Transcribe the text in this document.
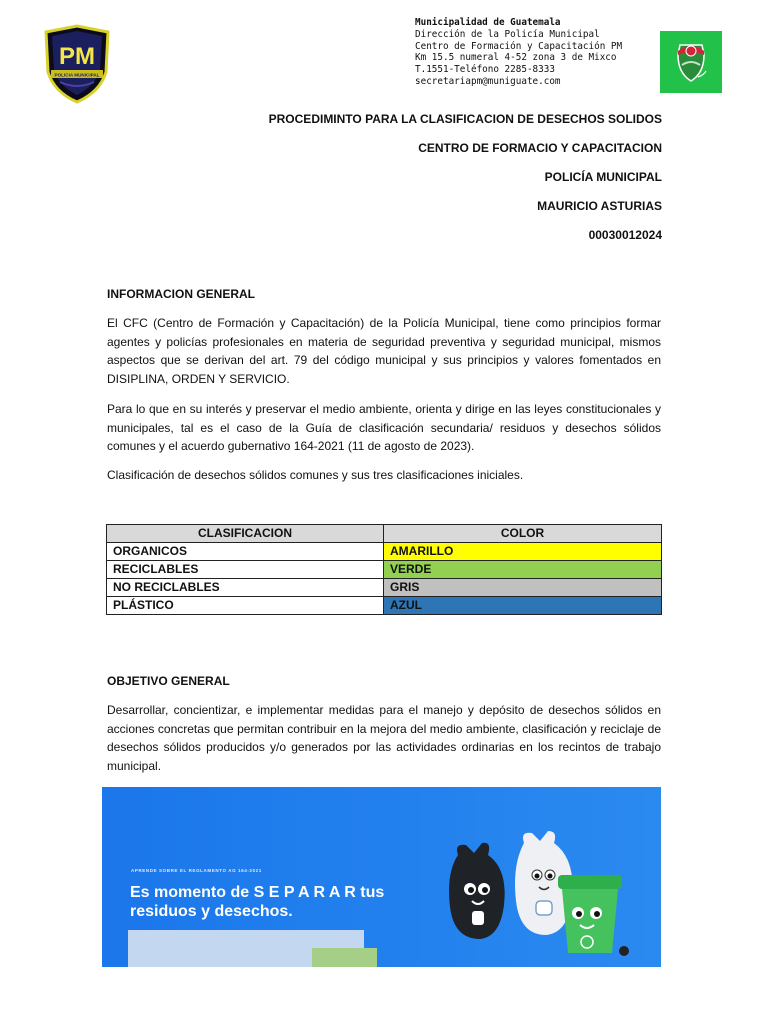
PM
POLICIA MUNICIPAL
Municipalidad de Guatemala
Dirección de la Policía Municipal
Centro de Formación y Capacitación PM
Km 15.5 numeral 4-52 zona 3 de Mixco
T.1551-Teléfono 2285-8333
secretariapm@muniguate.com
PROCEDIMINTO PARA LA CLASIFICACION DE DESECHOS SOLIDOS
CENTRO DE FORMACIO Y CAPACITACION
POLICÍA MUNICIPAL
MAURICIO ASTURIAS
00030012024
INFORMACION GENERAL
El CFC (Centro de Formación y Capacitación) de la Policía Municipal, tiene como principios formar agentes y policías profesionales en materia de seguridad preventiva y seguridad municipal, mismos aspectos que se derivan del art. 79 del código municipal y sus principios y valores fomentados en DISIPLINA, ORDEN Y SERVICIO.
Para lo que en su interés y preservar el medio ambiente, orienta y dirige en las leyes constitucionales y municipales, tal es el caso de la Guía de clasificación secundaria/ residuos y desechos sólidos comunes y el acuerdo gubernativo 164-2021 (11 de agosto de 2023).
Clasificación de desechos sólidos comunes y sus tres clasificaciones iniciales.
CLASIFICACION	COLOR
ORGANICOS	AMARILLO
RECICLABLES	VERDE
NO RECICLABLES	GRIS
PLÁSTICO	AZUL
OBJETIVO GENERAL
Desarrollar, concientizar, e implementar medidas para el manejo y depósito de desechos sólidos en acciones concretas que permitan contribuir en la mejora del medio ambiente, clasificación y reciclaje de desechos sólidos producidos y/o generados por las actividades ordinarias en los recintos de trabajo municipal.
APRENDE SOBRE EL REGLAMENTO AG 164-2021
Es momento de S E P A R A R tus
residuos y desechos.
